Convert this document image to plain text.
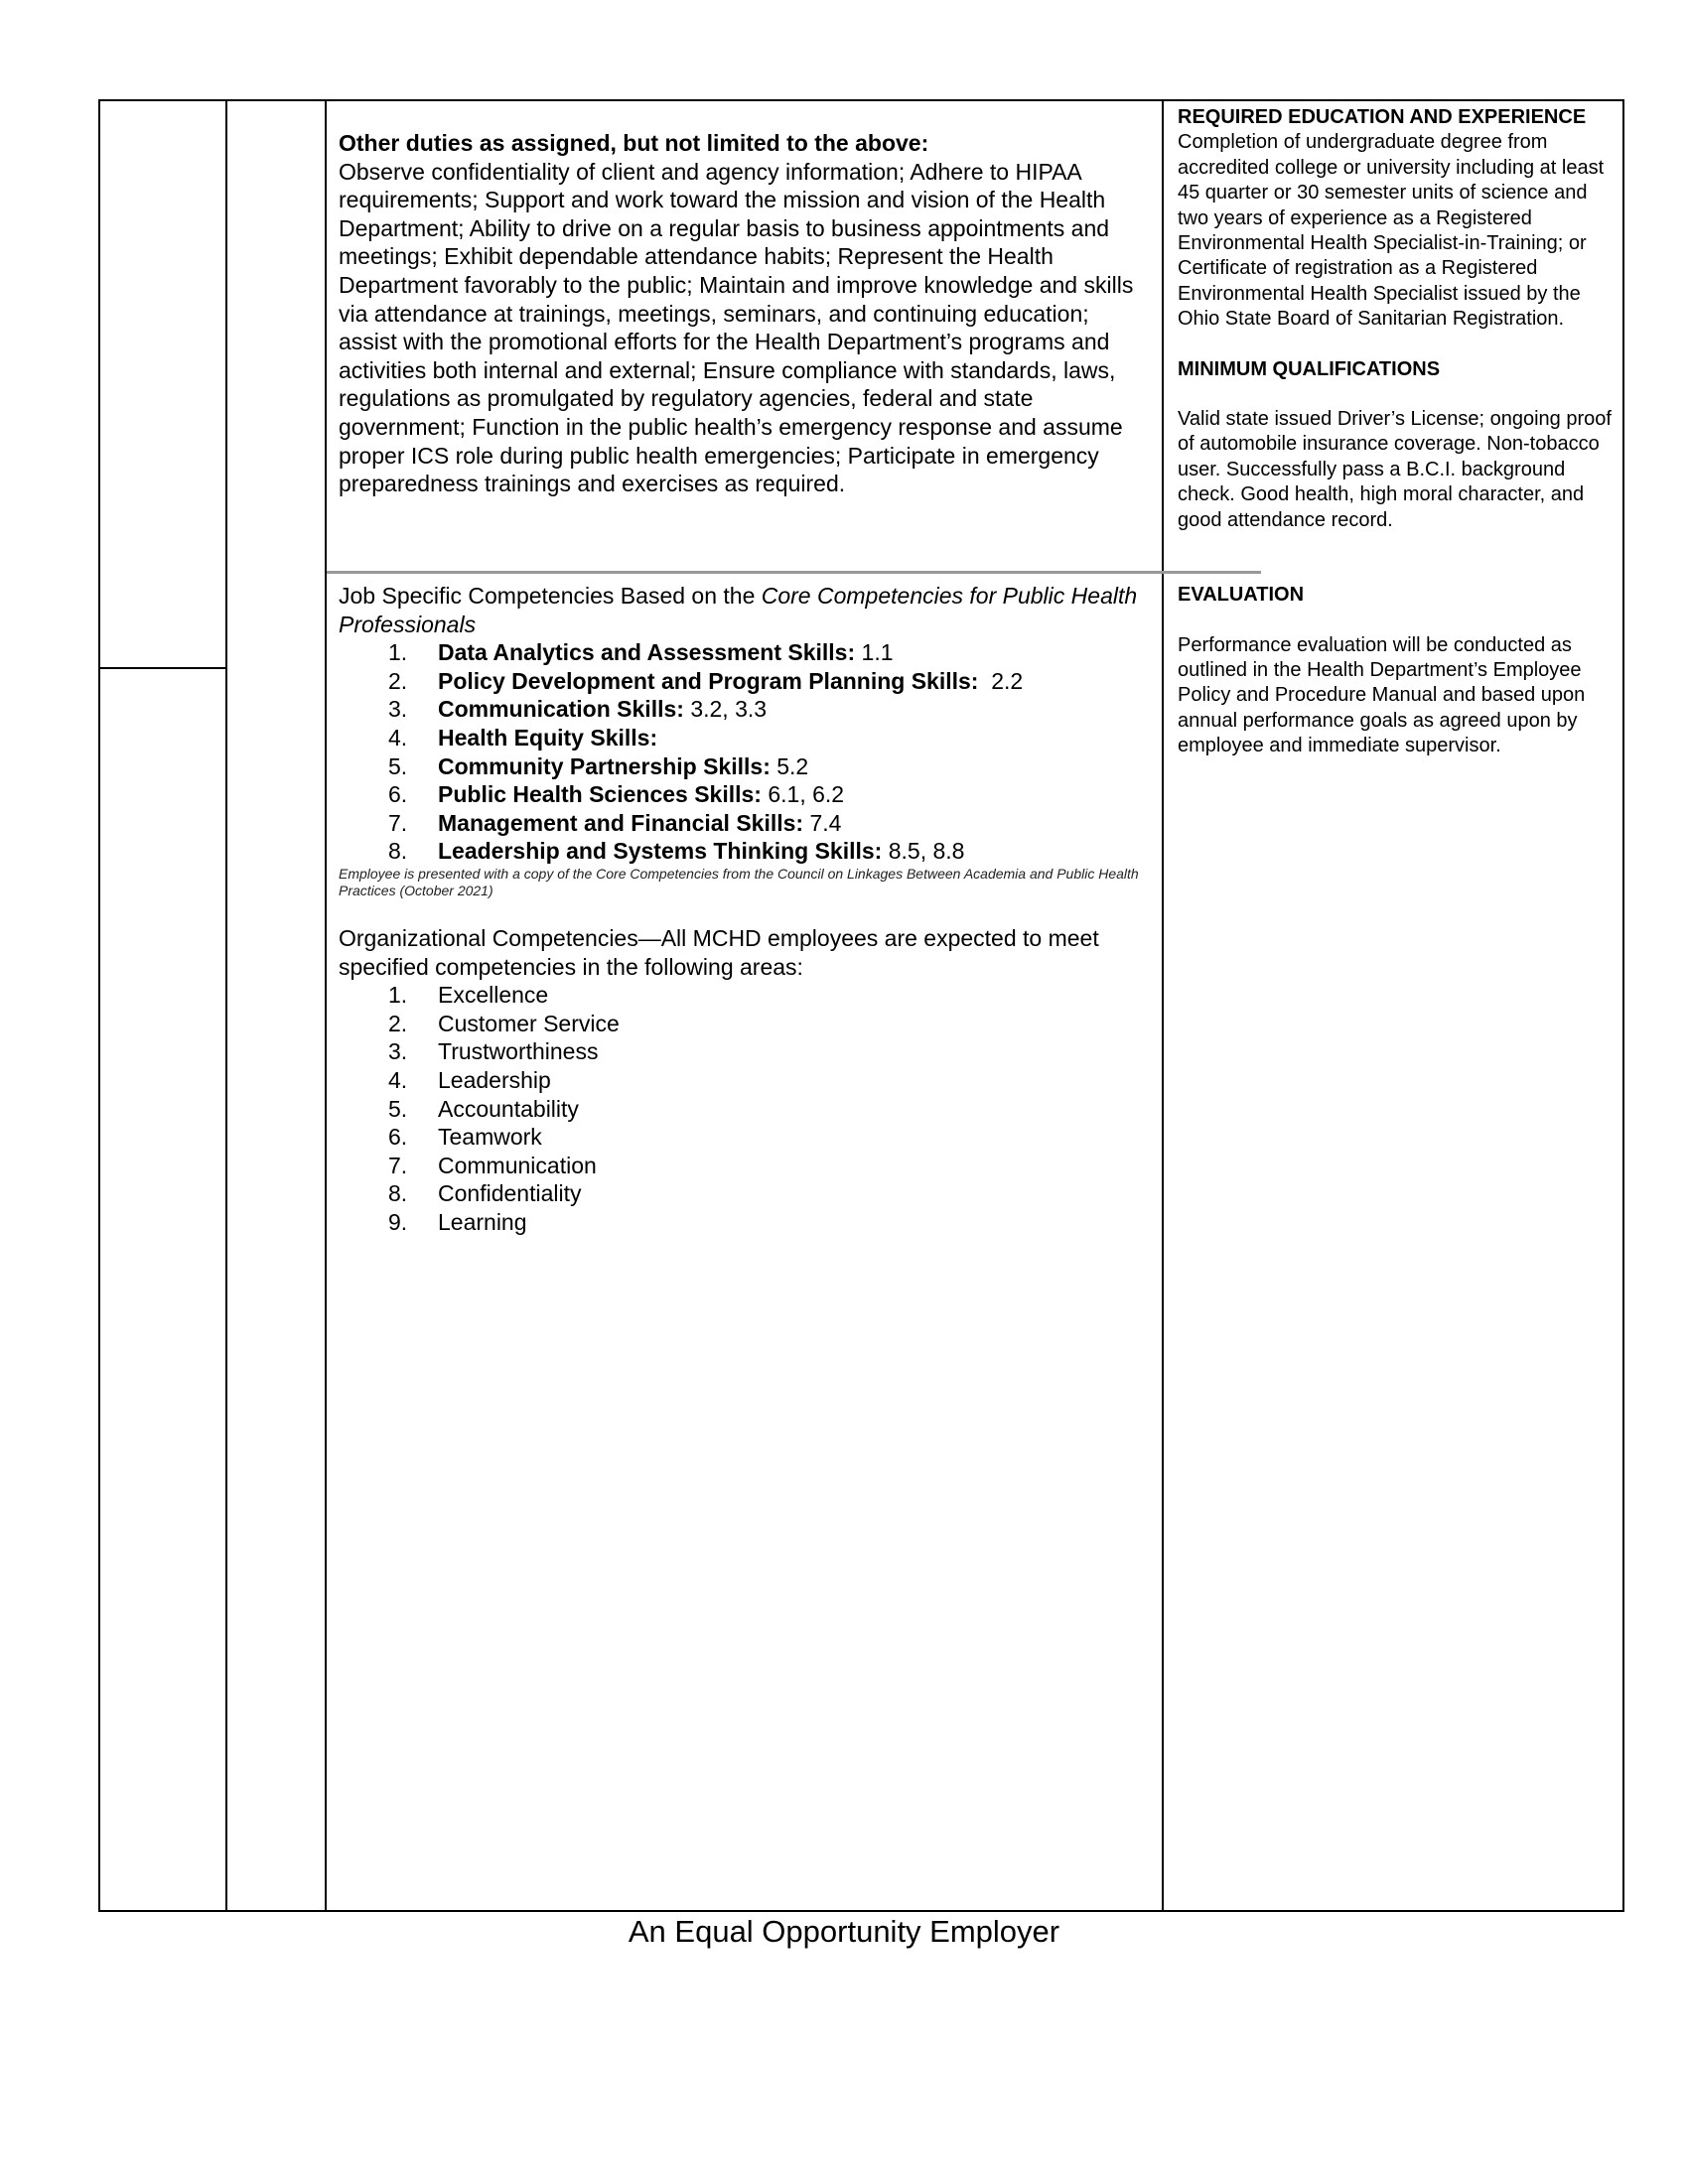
Other duties as assigned, but not limited to the above:

Observe confidentiality of client and agency information; Adhere to HIPAA requirements; Support and work toward the mission and vision of the Health Department; Ability to drive on a regular basis to business appointments and meetings; Exhibit dependable attendance habits; Represent the Health Department favorably to the public; Maintain and improve knowledge and skills via attendance at trainings, meetings, seminars, and continuing education; assist with the promotional efforts for the Health Department’s programs and activities both internal and external; Ensure compliance with standards, laws, regulations as promulgated by regulatory agencies, federal and state government; Function in the public health’s emergency response and assume proper ICS role during public health emergencies; Participate in emergency preparedness trainings and exercises as required.

Job Specific Competencies Based on the Core Competencies for Public Health Professionals

1. Data Analytics and Assessment Skills: 1.1
2. Policy Development and Program Planning Skills:  2.2
3. Communication Skills: 3.2, 3.3
4. Health Equity Skills:
5. Community Partnership Skills: 5.2
6. Public Health Sciences Skills: 6.1, 6.2
7. Management and Financial Skills: 7.4
8. Leadership and Systems Thinking Skills: 8.5, 8.8

Employee is presented with a copy of the Core Competencies from the Council on Linkages Between Academia and Public Health Practices (October 2021)

Organizational Competencies—All MCHD employees are expected to meet specified competencies in the following areas:

1. Excellence
2. Customer Service
3. Trustworthiness
4. Leadership
5. Accountability
6. Teamwork
7. Communication
8. Confidentiality
9. Learning

REQUIRED EDUCATION AND EXPERIENCE

Completion of undergraduate degree from accredited college or university including at least 45 quarter or 30 semester units of science and two years of experience as a Registered Environmental Health Specialist-in-Training; or

Certificate of registration as a Registered Environmental Health Specialist issued by the Ohio State Board of Sanitarian Registration.

MINIMUM QUALIFICATIONS

Valid state issued Driver’s License; ongoing proof of automobile insurance coverage. Non-tobacco user. Successfully pass a B.C.I. background check. Good health, high moral character, and good attendance record.

EVALUATION

Performance evaluation will be conducted as outlined in the Health Department’s Employee Policy and Procedure Manual and based upon annual performance goals as agreed upon by employee and immediate supervisor.

An Equal Opportunity Employer
